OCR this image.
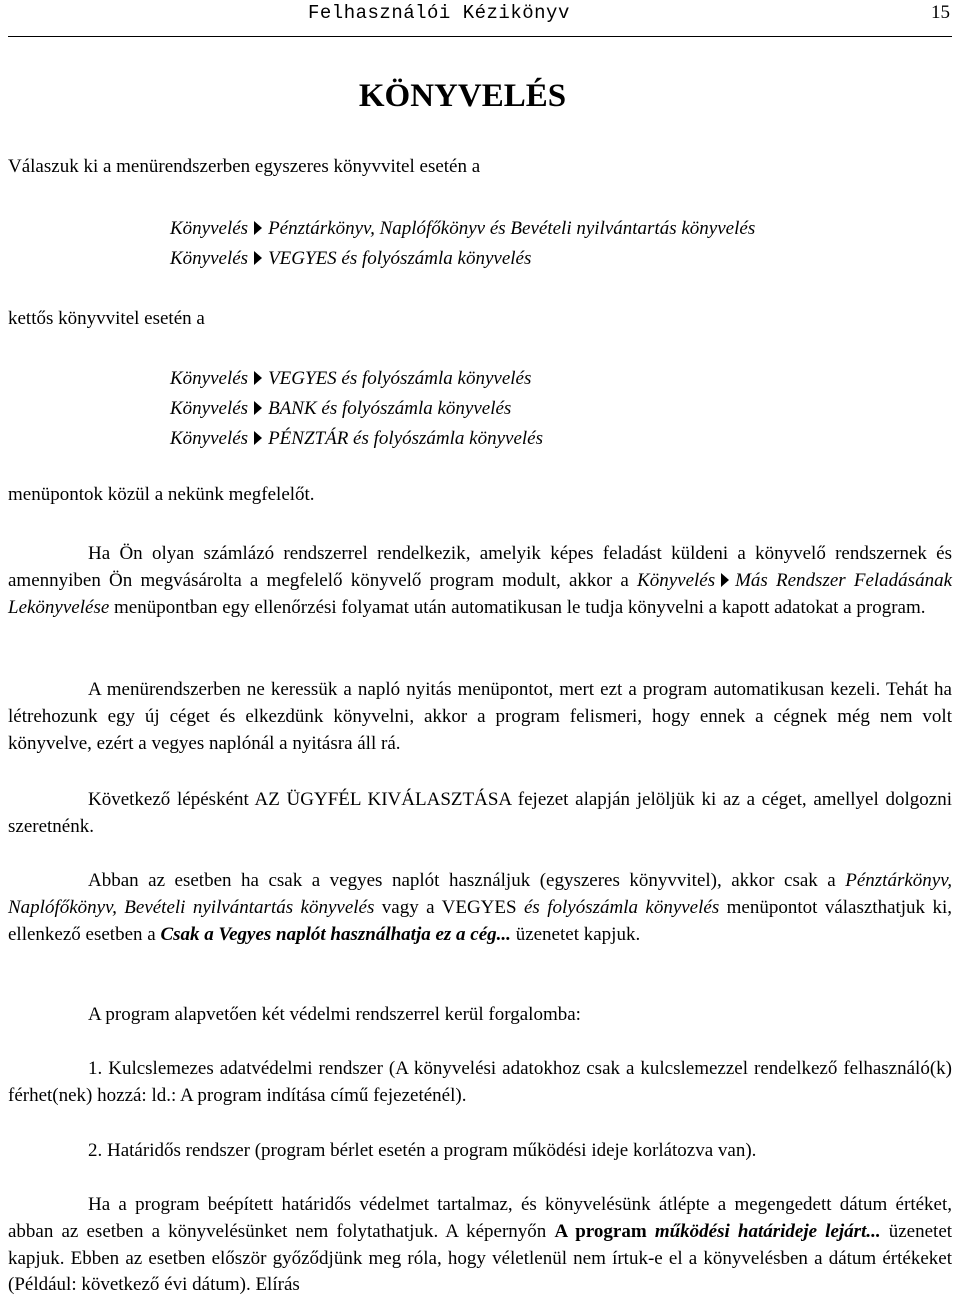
Felhasználói Kézikönyv	15
KÖNYVELÉS
Válaszuk ki a menürendszerben egyszeres könyvvitel esetén a
Könyvelés Pénztárkönyv, Naplófőkönyv és Bevételi nyilvántartás könyvelés
Könyvelés VEGYES és folyószámla könyvelés
kettős könyvvitel esetén a
Könyvelés VEGYES és folyószámla könyvelés
Könyvelés BANK és folyószámla könyvelés
Könyvelés PÉNZTÁR és folyószámla könyvelés
menüpontok közül a nekünk megfelelőt.
Ha Ön olyan számlázó rendszerrel rendelkezik, amelyik képes feladást küldeni a könyvelő rendszernek és amennyiben Ön megvásárolta a megfelelő könyvelő program modult, akkor a Könyvelés Más Rendszer Feladásának Lekönyvelése menüpontban egy ellenőrzési folyamat után automatikusan le tudja könyvelni a kapott adatokat a program.
A menürendszerben ne keressük a napló nyitás menüpontot, mert ezt a program automatikusan kezeli. Tehát ha létrehozunk egy új céget és elkezdünk könyvelni, akkor a program felismeri, hogy ennek a cégnek még nem volt könyvelve, ezért a vegyes naplónál a nyitásra áll rá.
Következő lépésként AZ ÜGYFÉL KIVÁLASZTÁSA fejezet alapján jelöljük ki az a céget, amellyel dolgozni szeretnénk.
Abban az esetben ha csak a vegyes naplót használjuk (egyszeres könyvvitel), akkor csak a Pénztárkönyv, Naplófőkönyv, Bevételi nyilvántartás könyvelés vagy a VEGYES és folyószámla könyvelés menüpontot választhatjuk ki, ellenkező esetben a Csak a Vegyes naplót használhatja ez a cég... üzenetet kapjuk.
A program alapvetően két védelmi rendszerrel kerül forgalomba:
1. Kulcslemezes adatvédelmi rendszer (A könyvelési adatokhoz csak a kulcslemezzel rendelkező felhasználó(k) férhet(nek) hozzá: ld.: A program indítása című fejezeténél).
2. Határidős rendszer (program bérlet esetén a program működési ideje korlátozva van).
Ha a program beépített határidős védelmet tartalmaz, és könyvelésünk átlépte a megengedett dátum értéket, abban az esetben a könyvelésünket nem folytathatjuk. A képernyőn A program működési határideje lejárt... üzenetet kapjuk. Ebben az esetben először győződjünk meg róla, hogy véletlenül nem írtuk-e el a könyvelésben a dátum értékeket (Például: következő évi dátum). Elírás
